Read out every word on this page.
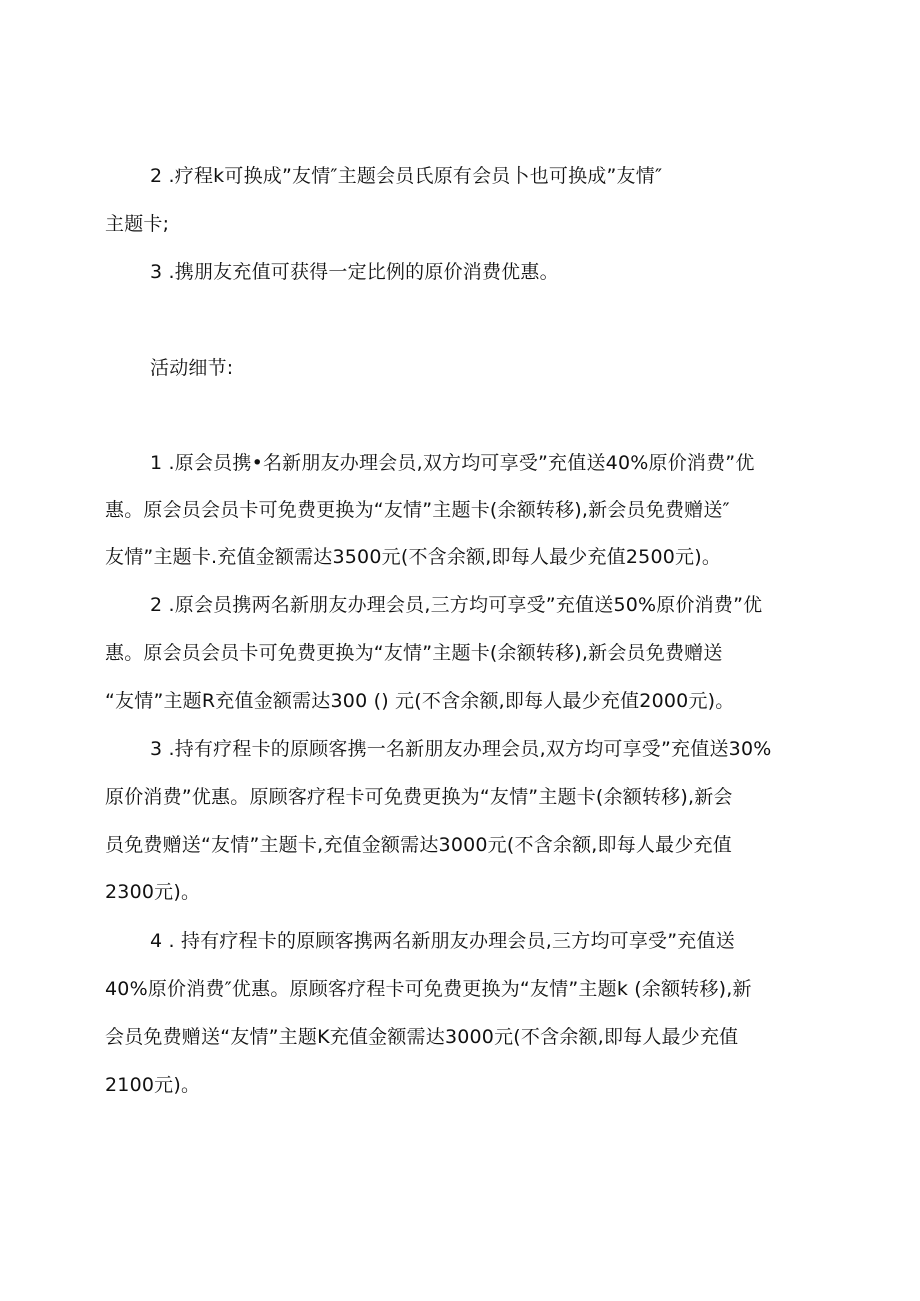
2 .疗程k可换成”友情″主题会员氏原有会员卜也可换成”友情″
主题卡;
3 .携朋友充值可获得一定比例的原价消费优惠。
活动细节:
1 .原会员携•名新朋友办理会员,双方均可享受”充值送40%原价消费”优
惠。原会员会员卡可免费更换为“友情”主题卡(余额转移),新会员免费赠送″
友情”主题卡.充值金额需达3500元(不含余额,即每人最少充值2500元)。
2 .原会员携两名新朋友办理会员,三方均可享受”充值送50%原价消费”优
惠。原会员会员卡可免费更换为“友情”主题卡(余额转移),新会员免费赠送
“友情”主题R充值金额需达300 () 元(不含余额,即每人最少充值2000元)。
3 .持有疗程卡的原顾客携一名新朋友办理会员,双方均可享受”充值送30%
原价消费”优惠。原顾客疗程卡可免费更换为“友情”主题卡(余额转移),新会
员免费赠送“友情”主题卡,充值金额需达3000元(不含余额,即每人最少充值
2300元)。
4 . 持有疗程卡的原顾客携两名新朋友办理会员,三方均可享受”充值送
40%原价消费″优惠。原顾客疗程卡可免费更换为“友情”主题k (余额转移),新
会员免费赠送“友情”主题K充值金额需达3000元(不含余额,即每人最少充值
2100元)。
